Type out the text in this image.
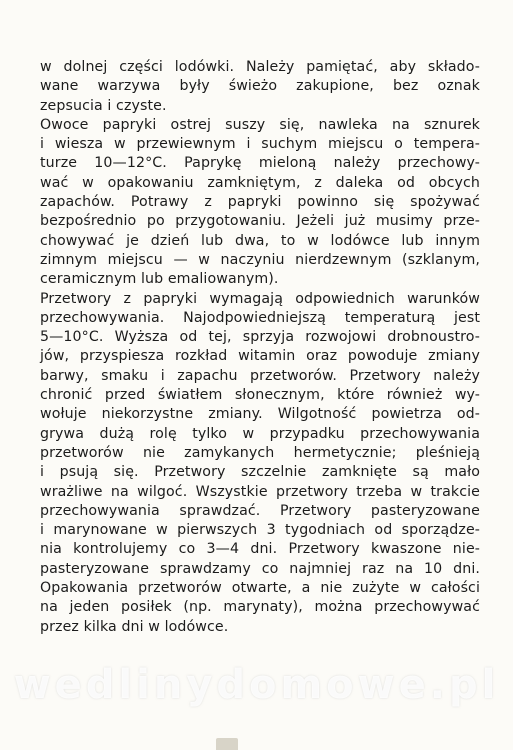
w dolnej części lodówki. Należy pamiętać, aby składo-
wane warzywa były świeżo zakupione, bez oznak
zepsucia i czyste.
Owoce papryki ostrej suszy się, nawleka na sznurek
i wiesza w przewiewnym i suchym miejscu o tempera-
turze 10—12°C. Paprykę mieloną należy przechowy-
wać w opakowaniu zamkniętym, z daleka od obcych
zapachów. Potrawy z papryki powinno się spożywać
bezpośrednio po przygotowaniu. Jeżeli już musimy prze-
chowywać je dzień lub dwa, to w lodówce lub innym
zimnym miejscu — w naczyniu nierdzewnym (szklanym,
ceramicznym lub emaliowanym).
Przetwory z papryki wymagają odpowiednich warunków
przechowywania. Najodpowiedniejszą temperaturą jest
5—10°C. Wyższa od tej, sprzyja rozwojowi drobnoustro-
jów, przyspiesza rozkład witamin oraz powoduje zmiany
barwy, smaku i zapachu przetworów. Przetwory należy
chronić przed światłem słonecznym, które również wy-
wołuje niekorzystne zmiany. Wilgotność powietrza od-
grywa dużą rolę tylko w przypadku przechowywania
przetworów nie zamykanych hermetycznie; pleśnieją
i psują się. Przetwory szczelnie zamknięte są mało
wrażliwe na wilgoć. Wszystkie przetwory trzeba w trakcie
przechowywania sprawdzać. Przetwory pasteryzowane
i marynowane w pierwszych 3 tygodniach od sporządze-
nia kontrolujemy co 3—4 dni. Przetwory kwaszone nie-
pasteryzowane sprawdzamy co najmniej raz na 10 dni.
Opakowania przetworów otwarte, a nie zużyte w całości
na jeden posiłek (np. marynaty), można przechowywać
przez kilka dni w lodówce.
wedlinydomowe.pl
